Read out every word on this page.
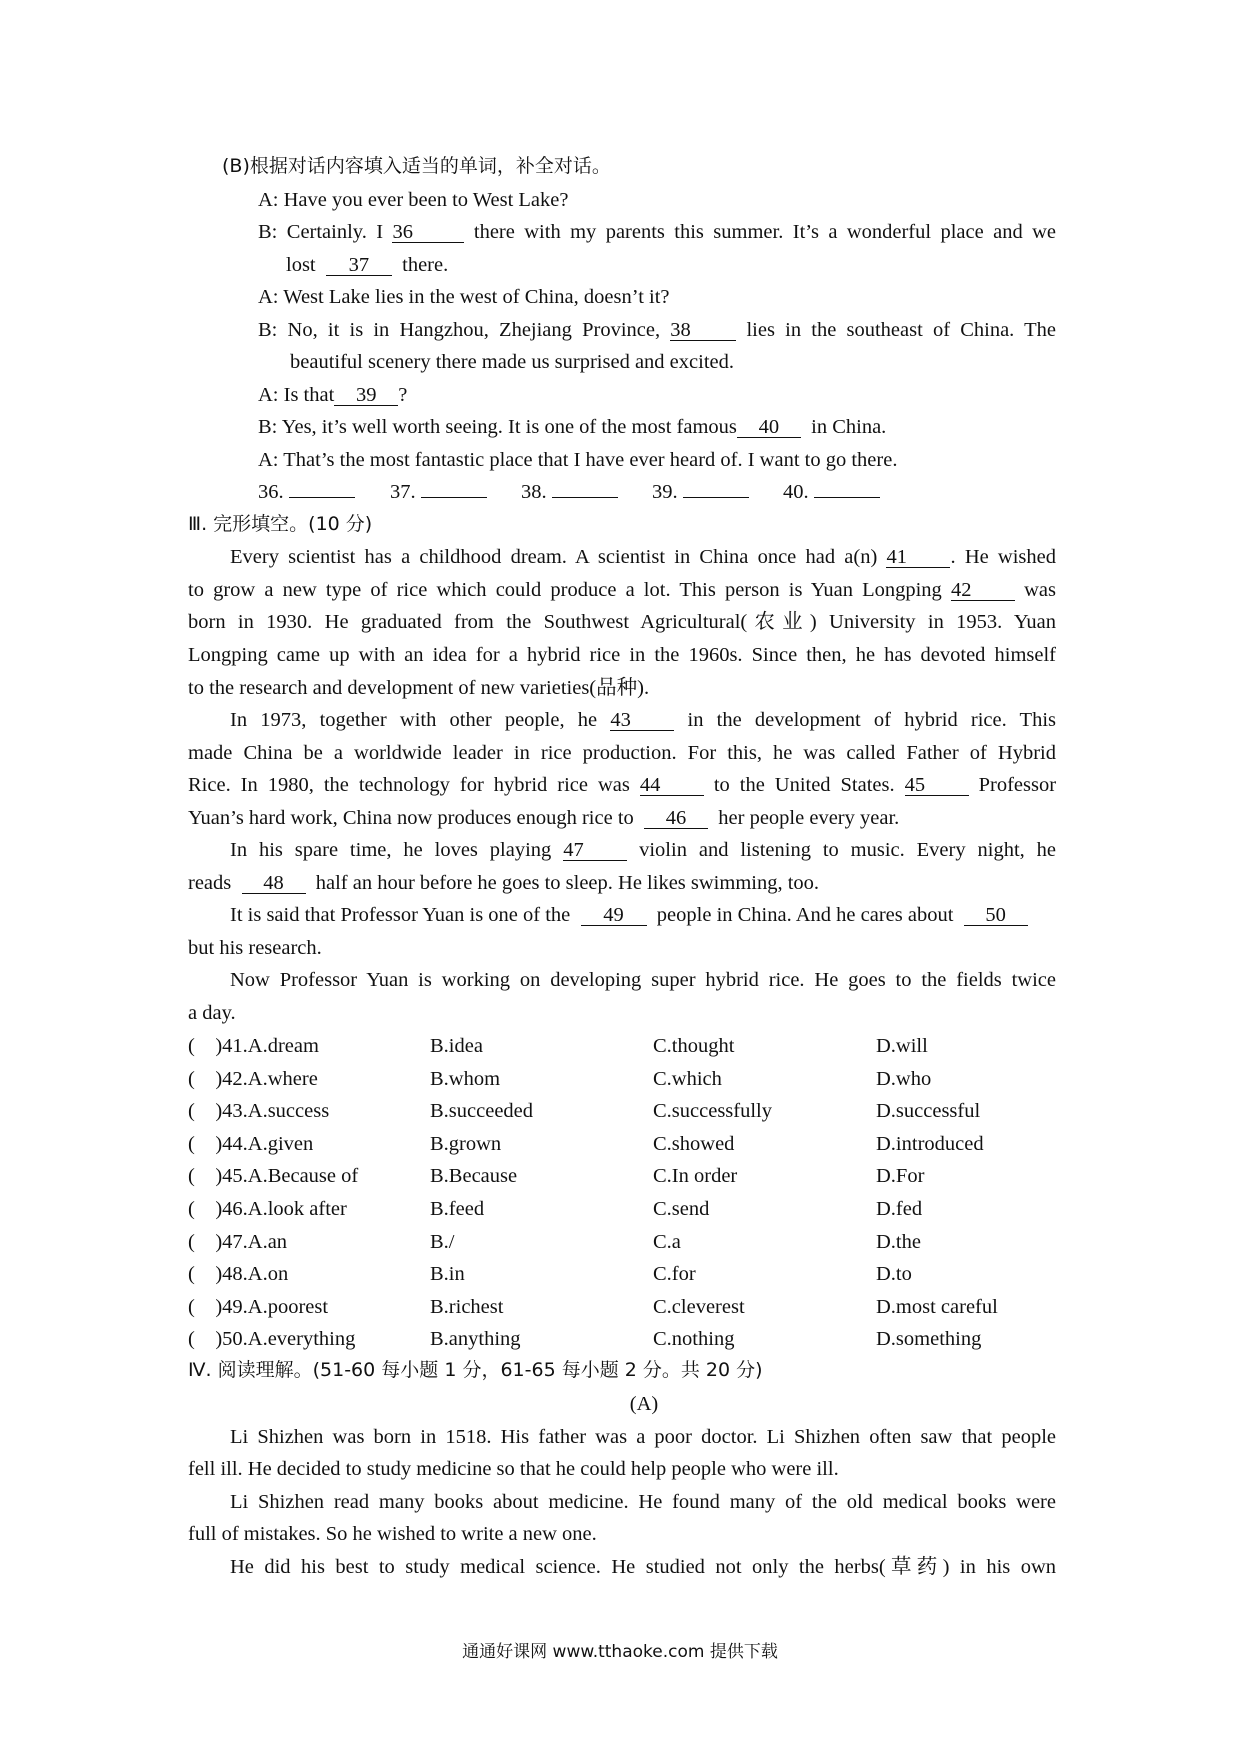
(B)根据对话内容填入适当的单词，补全对话。
A: Have you ever been to West Lake?
B: Certainly. I 36	there with my parents this summer. It’s a wonderful place and we
lost 37 there.
A: West Lake lies in the west of China, doesn’t it?
B: No, it is in Hangzhou, Zhejiang Province, 38	lies in the southeast of China. The
beautiful scenery there made us surprised and excited.
A: Is that 39 ?
B: Yes, it’s well worth seeing. It is one of the most famous 40 in China.
A: That’s the most fantastic place that I have ever heard of. I want to go there.
36.	37.	38.	39.	40.
Ⅲ. 完形填空。(10 分)
Every scientist has a childhood dream. A scientist in China once had a(n) 41 . He wished
to grow a new type of rice which could produce a lot. This person is Yuan Longping 42	was
born in 1930. He graduated from the Southwest Agricultural(农业) University in 1953. Yuan
Longping came up with an idea for a hybrid rice in the 1960s. Since then, he has devoted himself
to the research and development of new varieties(品种).
In 1973, together with other people, he 43	in the development of hybrid rice. This
made China be a worldwide leader in rice production. For this, he was called Father of Hybrid
Rice. In 1980, the technology for hybrid rice was 44	to the United States. 45	Professor
Yuan’s hard work, China now produces enough rice to 46 her people every year.
In his spare time, he loves playing 47	violin and listening to music. Every night, he
reads 48 half an hour before he goes to sleep. He likes swimming, too.
It is said that Professor Yuan is one of the 49 people in China. And he cares about 50
but his research.
Now Professor Yuan is working on developing super hybrid rice. He goes to the fields twice
a day.
(　)41.A.dream	B.idea	C.thought	D.will
(　)42.A.where	B.whom	C.which	D.who
(　)43.A.success	B.succeeded	C.successfully	D.successful
(　)44.A.given	B.grown	C.showed	D.introduced
(　)45.A.Because of	B.Because	C.In order	D.For
(　)46.A.look after	B.feed	C.send	D.fed
(　)47.A.an	B./	C.a	D.the
(　)48.A.on	B.in	C.for	D.to
(　)49.A.poorest	B.richest	C.cleverest	D.most careful
(　)50.A.everything	B.anything	C.nothing	D.something
Ⅳ. 阅读理解。(51-60 每小题 1 分，61-65 每小题 2 分。共 20 分)
(A)
Li Shizhen was born in 1518. His father was a poor doctor. Li Shizhen often saw that people
fell ill. He decided to study medicine so that he could help people who were ill.
Li Shizhen read many books about medicine. He found many of the old medical books were
full of mistakes. So he wished to write a new one.
He did his best to study medical science. He studied not only the herbs(草药) in his own
通通好课网 www.tthaoke.com 提供下载
